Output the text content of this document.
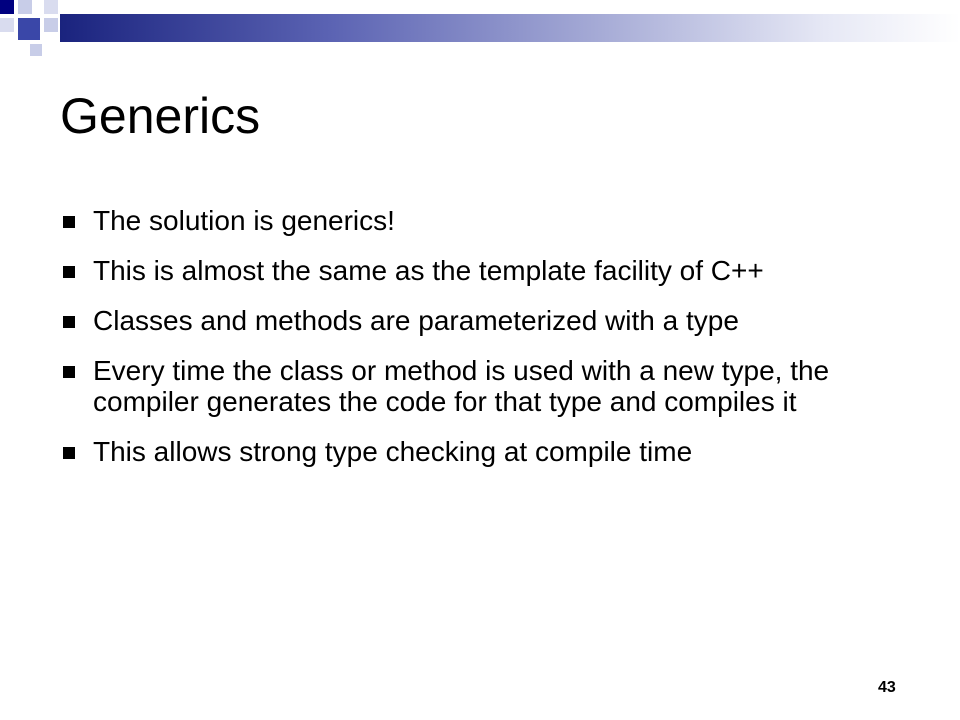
Generics
The solution is generics!
This is almost the same as the template facility of C++
Classes and methods are parameterized with a type
Every time the class or method is used with a new type, the compiler generates the code for that type and compiles it
This allows strong type checking at compile time
43
